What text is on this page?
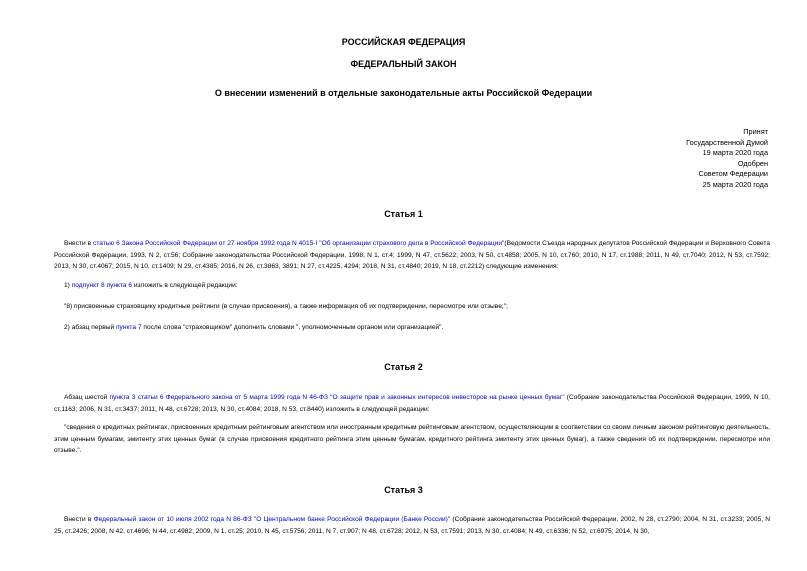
РОССИЙСКАЯ ФЕДЕРАЦИЯ
ФЕДЕРАЛЬНЫЙ ЗАКОН
О внесении изменений в отдельные законодательные акты Российской Федерации
Принят
Государственной Думой
19 марта 2020 года
Одобрен
Советом Федерации
25 марта 2020 года
Статья 1
Внести в статью 6 Закона Российской Федерации от 27 ноября 1992 года N 4015-I "Об организации страхового дела в Российской Федерации"(Ведомости Съезда народных депутатов Российской Федерации и Верховного Совета Российской Федерации, 1993, N 2, ст.56; Собрание законодательства Российской Федерации, 1998, N 1, ст.4; 1999, N 47, ст.5622; 2003, N 50, ст.4858; 2005, N 10, ст.760; 2010, N 17, ст.1988; 2011, N 49, ст.7040; 2012, N 53, ст.7592; 2013, N 30, ст.4067; 2015, N 10, ст.1409; N 29, ст.4385; 2016, N 26, ст.3863, 3891; N 27, ст.4225, 4294; 2018, N 31, ст.4840; 2019, N 18, ст.2212) следующие изменения:
1) подпункт 8 пункта 6 изложить в следующей редакции:
"8) присвоенные страховщику кредитные рейтинги (в случае присвоения), а также информация об их подтверждении, пересмотре или отзыве;";
2) абзац первый пункта 7 после слова "страховщиком" дополнить словами ", уполномоченным органом или организацией".
Статья 2
Абзац шестой пункта 3 статьи 6 Федерального закона от 5 марта 1999 года N 46-ФЗ "О защите прав и законных интересов инвесторов на рынке ценных бумаг" (Собрание законодательства Российской Федерации, 1999, N 10, ст.1163; 2006, N 31, ст.3437; 2011, N 48, ст.6728; 2013, N 30, ст.4084; 2018, N 53, ст.8440) изложить в следующей редакции:
"сведения о кредитных рейтингах, присвоенных кредитным рейтинговым агентством или иностранным кредитным рейтинговым агентством, осуществляющим в соответствии со своим личным законом рейтинговую деятельность, этим ценным бумагам, эмитенту этих ценных бумаг (в случае присвоения кредитного рейтинга этим ценным бумагам, кредитного рейтинга эмитенту этих ценных бумаг), а также сведения об их подтверждении, пересмотре или отзыве.".
Статья 3
Внести в Федеральный закон от 10 июля 2002 года N 86-ФЗ "О Центральном банке Российской Федерации (Банке России)" (Собрание законодательства Российской Федерации, 2002, N 28, ст.2790; 2004, N 31, ст.3233; 2005, N 25, ст.2426; 2008, N 42, ст.4696; N 44, ст.4982; 2009, N 1, ст.25; 2010, N 45, ст.5756; 2011, N 7, ст.907; N 48, ст.6728; 2012, N 53, ст.7591; 2013, N 30, ст.4084; N 49, ст.6336; N 52, ст.6975; 2014, N 30,
